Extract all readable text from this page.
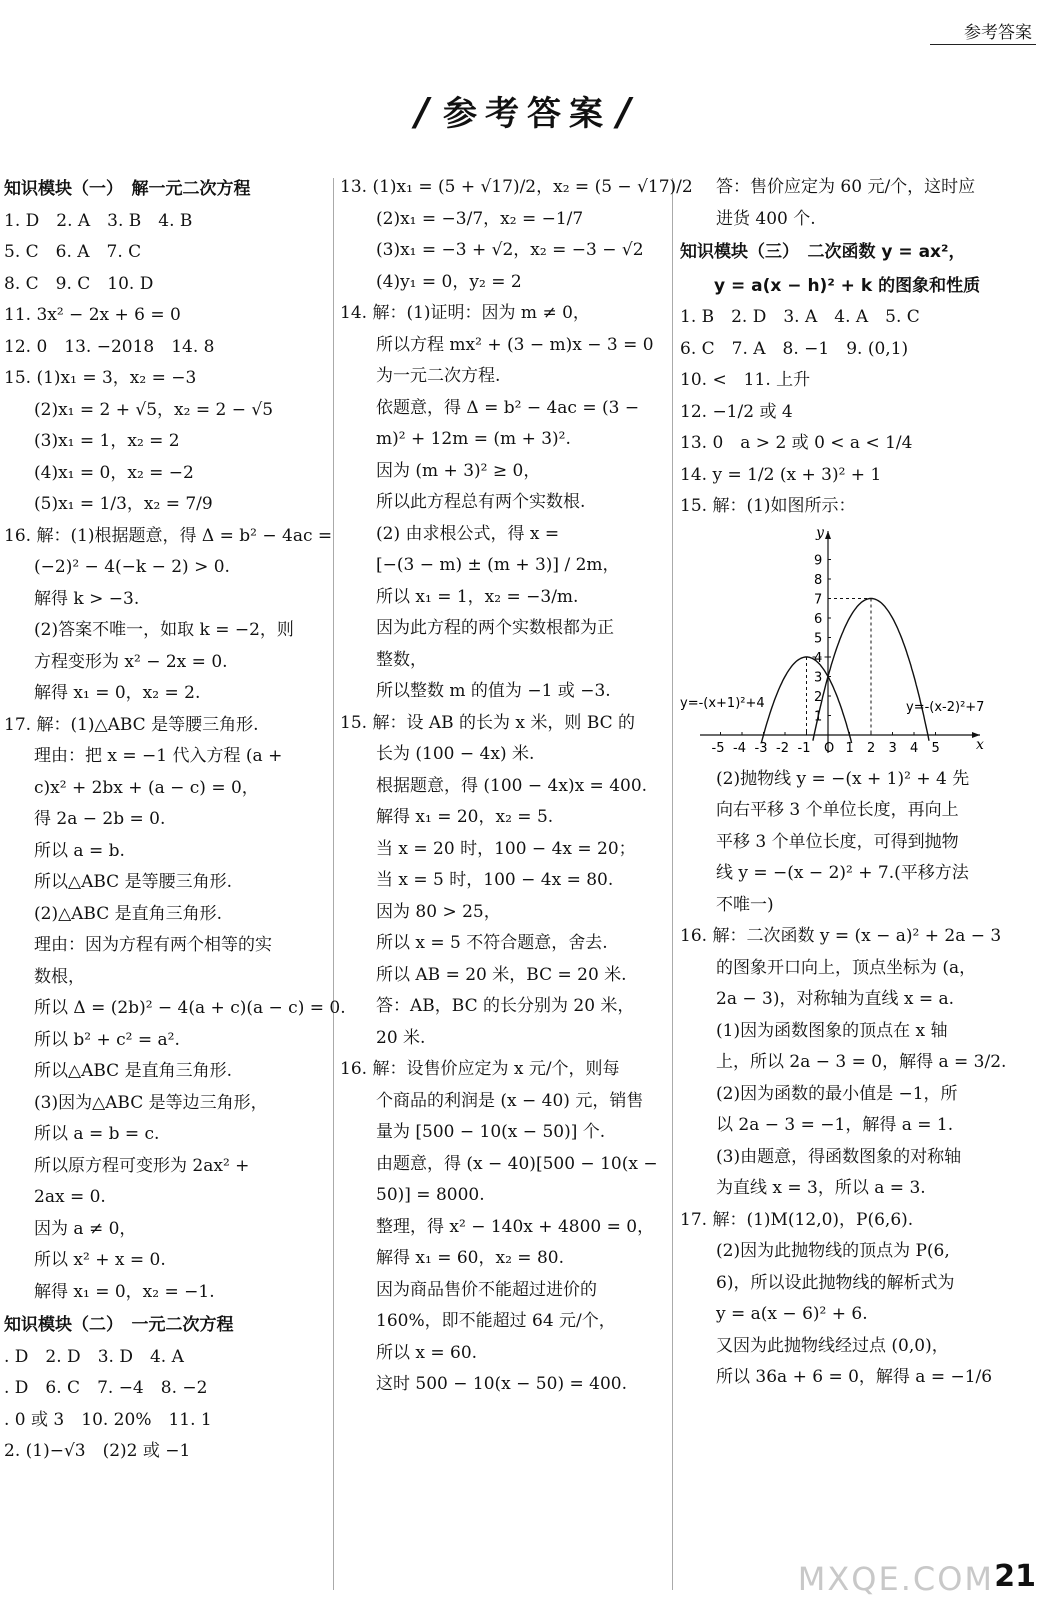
参考答案
/ 参考答案 /
知识模块（一）　解一元二次方程
1. D　2. A　3. B　4. B
5. C　6. A　7. C
8. C　9. C　10. D
11. 3x² − 2x + 6 = 0
12. 0　13. −2018　14. 8
15. (1)x₁ = 3，x₂ = −3
(2)x₁ = 2 + √5，x₂ = 2 − √5
(3)x₁ = 1，x₂ = 2
(4)x₁ = 0，x₂ = −2
(5)x₁ = 1/3，x₂ = 7/9
16. 解：(1)根据题意，得 Δ = b² − 4ac =
(−2)² − 4(−k − 2) > 0.
解得 k > −3.
(2)答案不唯一，如取 k = −2，则
方程变形为 x² − 2x = 0.
解得 x₁ = 0，x₂ = 2.
17. 解：(1)△ABC 是等腰三角形.
理由：把 x = −1 代入方程 (a +
c)x² + 2bx + (a − c) = 0，
得 2a − 2b = 0.
所以 a = b.
所以△ABC 是等腰三角形.
(2)△ABC 是直角三角形.
理由：因为方程有两个相等的实
数根，
所以 Δ = (2b)² − 4(a + c)(a − c) = 0.
所以 b² + c² = a².
所以△ABC 是直角三角形.
(3)因为△ABC 是等边三角形，
所以 a = b = c.
所以原方程可变形为 2ax² +
2ax = 0.
因为 a ≠ 0，
所以 x² + x = 0.
解得 x₁ = 0，x₂ = −1.
知识模块（二）　一元二次方程
. D　2. D　3. D　4. A
. D　6. C　7. −4　8. −2
. 0 或 3　10. 20%　11. 1
2. (1)−√3　(2)2 或 −1
13. (1)x₁ = (5 + √17)/2，x₂ = (5 − √17)/2
(2)x₁ = −3/7，x₂ = −1/7
(3)x₁ = −3 + √2，x₂ = −3 − √2
(4)y₁ = 0，y₂ = 2
14. 解：(1)证明：因为 m ≠ 0，
所以方程 mx² + (3 − m)x − 3 = 0
为一元二次方程.
依题意，得 Δ = b² − 4ac = (3 −
m)² + 12m = (m + 3)².
因为 (m + 3)² ≥ 0，
所以此方程总有两个实数根.
(2) 由求根公式，得 x =
[−(3 − m) ± (m + 3)] / 2m，
所以 x₁ = 1，x₂ = −3/m.
因为此方程的两个实数根都为正
整数，
所以整数 m 的值为 −1 或 −3.
15. 解：设 AB 的长为 x 米，则 BC 的
长为 (100 − 4x) 米.
根据题意，得 (100 − 4x)x = 400.
解得 x₁ = 20，x₂ = 5.
当 x = 20 时，100 − 4x = 20；
当 x = 5 时，100 − 4x = 80.
因为 80 > 25，
所以 x = 5 不符合题意，舍去.
所以 AB = 20 米，BC = 20 米.
答：AB，BC 的长分别为 20 米，
20 米.
16. 解：设售价应定为 x 元/个，则每
个商品的利润是 (x − 40) 元，销售
量为 [500 − 10(x − 50)] 个.
由题意，得 (x − 40)[500 − 10(x −
50)] = 8000.
整理，得 x² − 140x + 4800 = 0，
解得 x₁ = 60，x₂ = 80.
因为商品售价不能超过进价的
160%，即不能超过 64 元/个，
所以 x = 60.
这时 500 − 10(x − 50) = 400.
答：售价应定为 60 元/个，这时应
进货 400 个.
知识模块（三）　二次函数 y = ax²，
　　y = a(x − h)² + k 的图象和性质
1. B　2. D　3. A　4. A　5. C
6. C　7. A　8. −1　9. (0,1)
10. <　11. 上升
12. −1/2 或 4
13. 0　a > 2 或 0 < a < 1/4
14. y = 1/2 (x + 3)² + 1
15. 解：(1)如图所示：
x
y
-5 -4 -3 -2 -1 O 1 2 3 4 5
1
2
3
4
5
6
7
8
9
y=-(x+1)²+4	y=-(x-2)²+7
(2)抛物线 y = −(x + 1)² + 4 先
向右平移 3 个单位长度，再向上
平移 3 个单位长度，可得到抛物
线 y = −(x − 2)² + 7.(平移方法
不唯一)
16. 解：二次函数 y = (x − a)² + 2a − 3
的图象开口向上，顶点坐标为 (a，
2a − 3)，对称轴为直线 x = a.
(1)因为函数图象的顶点在 x 轴
上，所以 2a − 3 = 0，解得 a = 3/2.
(2)因为函数的最小值是 −1，所
以 2a − 3 = −1，解得 a = 1.
(3)由题意，得函数图象的对称轴
为直线 x = 3，所以 a = 3.
17. 解：(1)M(12,0)，P(6,6).
(2)因为此抛物线的顶点为 P(6,
6)，所以设此抛物线的解析式为
y = a(x − 6)² + 6.
又因为此抛物线经过点 (0,0)，
所以 36a + 6 = 0，解得 a = −1/6
MXQE.COM 21
